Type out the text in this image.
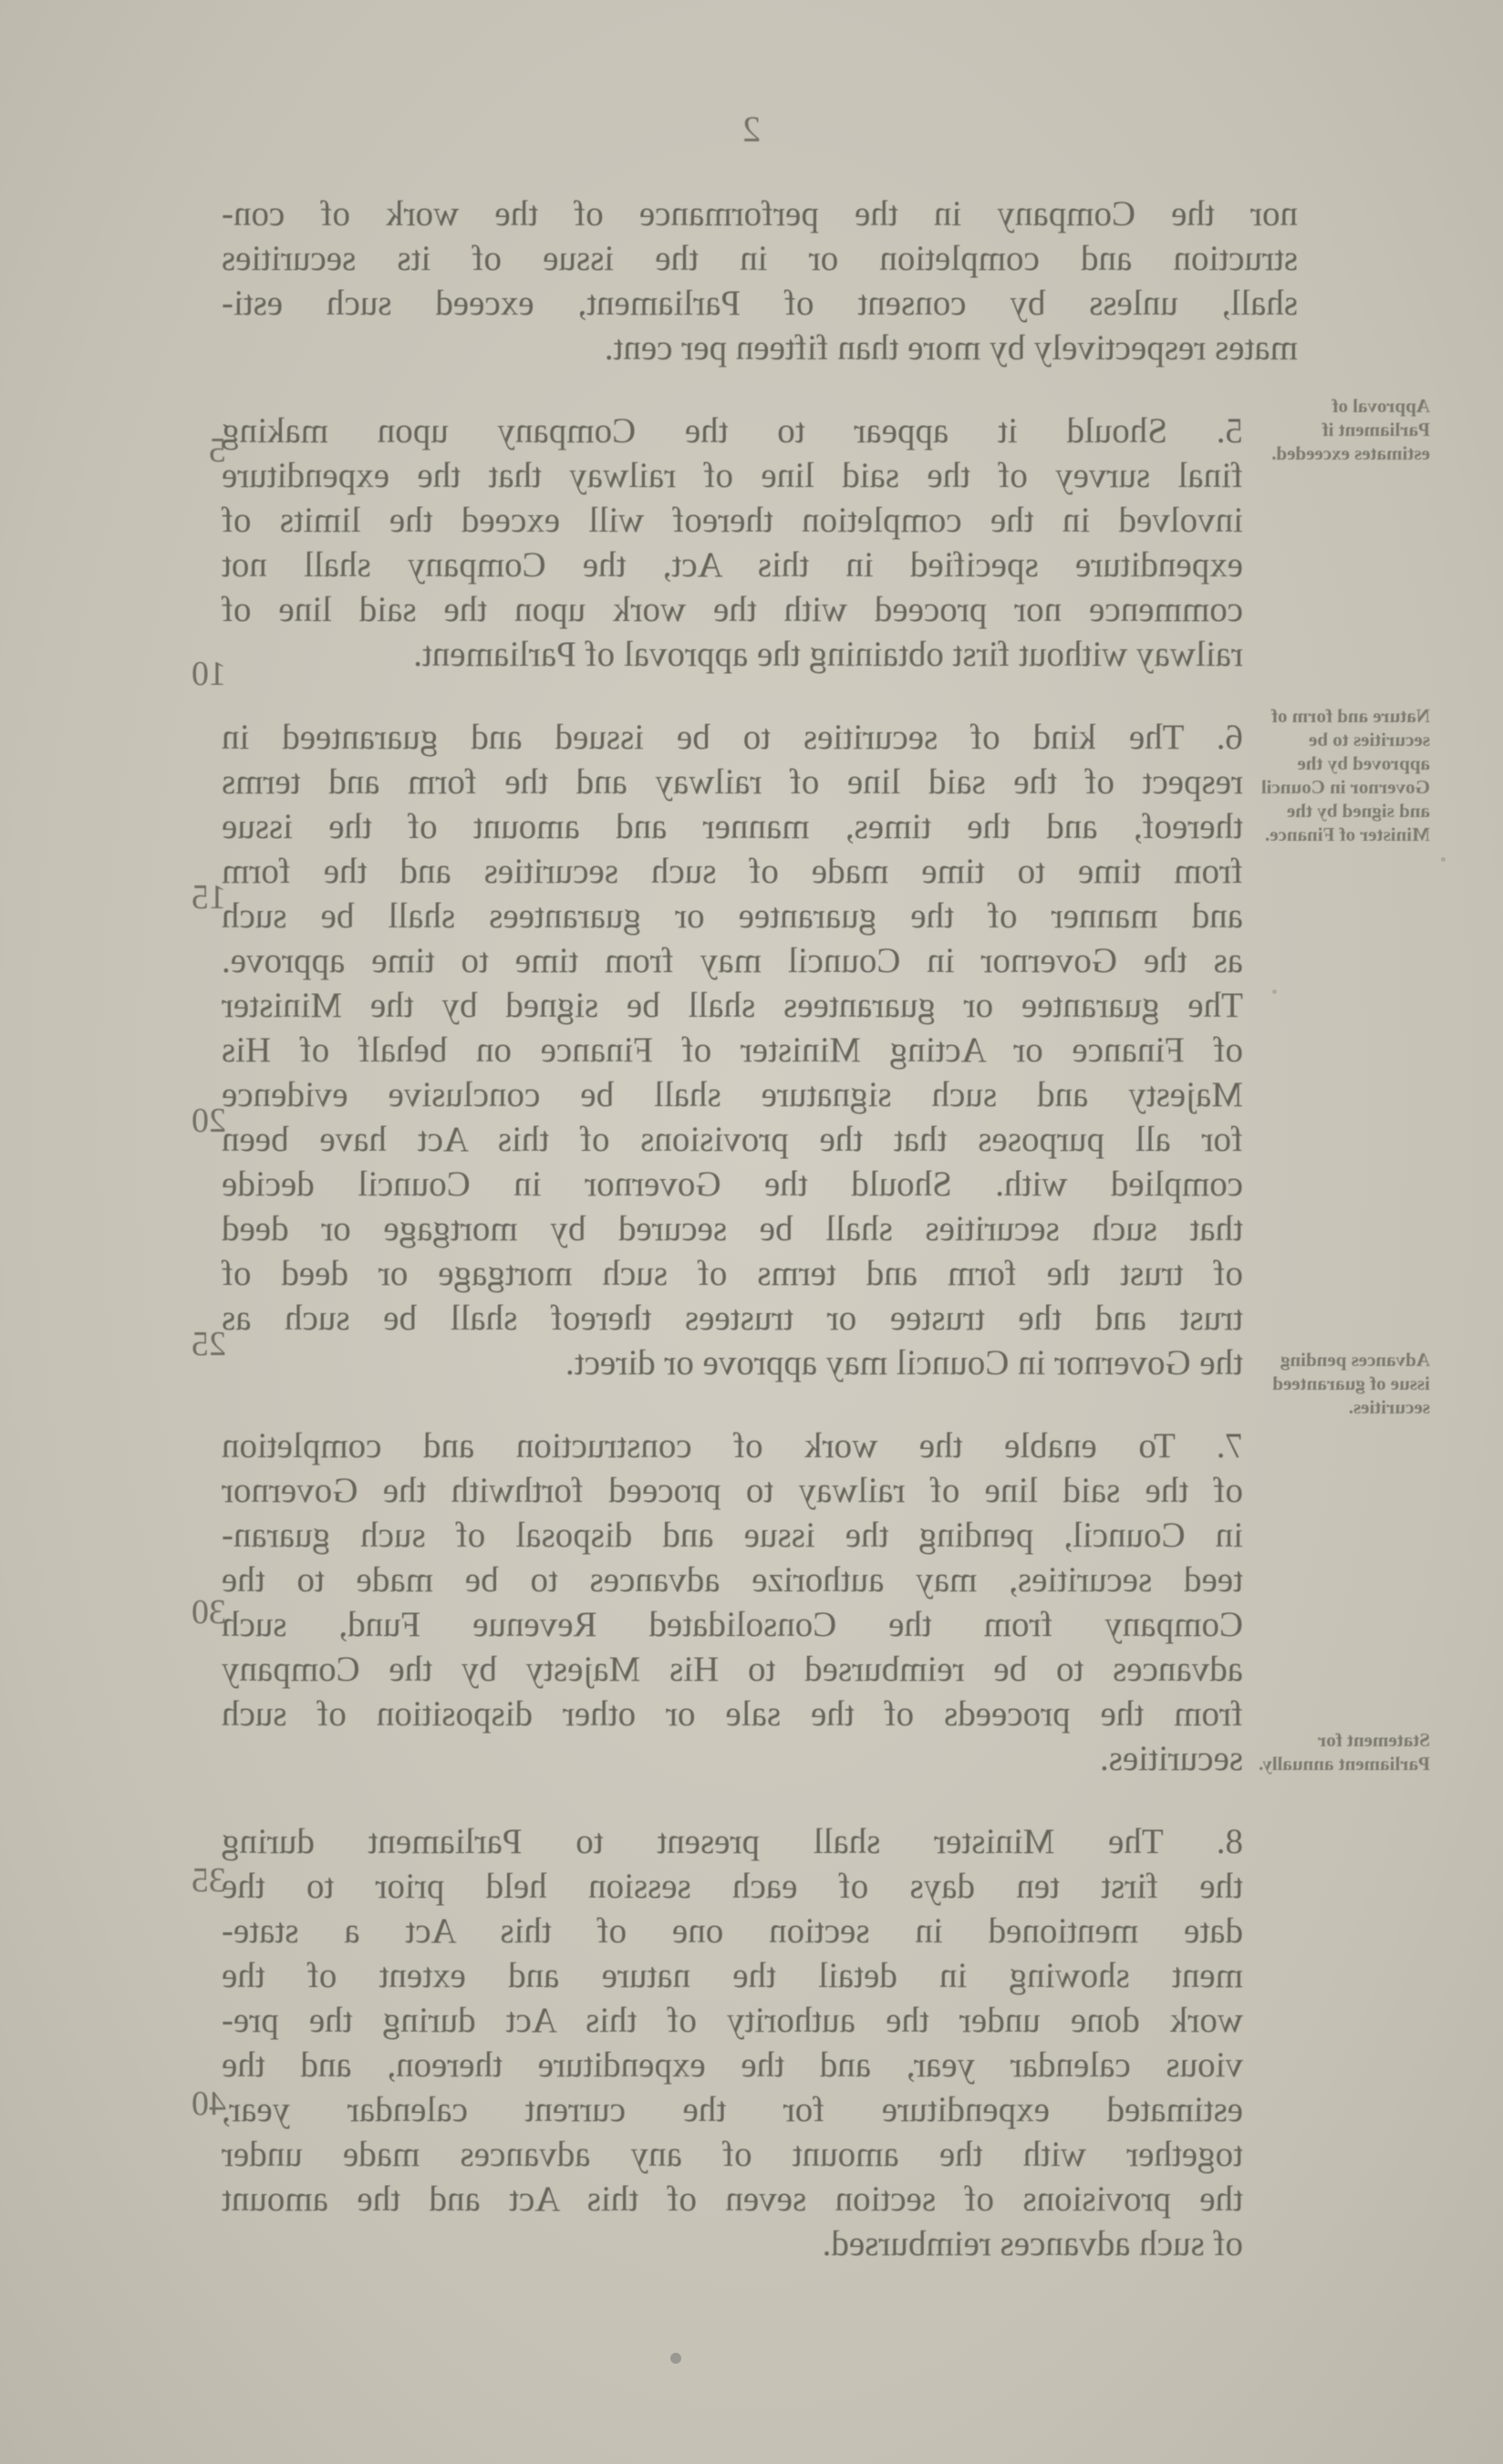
2

nor the Company in the performance of the work of con-
struction and completion or in the issue of its securities
shall, unless by consent of Parliament, exceed such esti-
mates respectively by more than fifteen per cent.

5. Should it appear to the Company upon making
final survey of the said line of railway that the expenditure
involved in the completion thereof will exceed the limits of
expenditure specified in this Act, the Company shall not
commence nor proceed with the work upon the said line of
railway without first obtaining the approval of Parliament.

6. The kind of securities to be issued and guaranteed in
respect of the said line of railway and the form and terms
thereof, and the times, manner and amount of the issue
from time to time made of such securities and the form
and manner of the guarantee or guarantees shall be such
as the Governor in Council may from time to time approve.
The guarantee or guarantees shall be signed by the Minister
of Finance or Acting Minister of Finance on behalf of His
Majesty and such signature shall be conclusive evidence
for all purposes that the provisions of this Act have been
complied with. Should the Governor in Council decide
that such securities shall be secured by mortgage or deed
of trust the form and terms of such mortgage or deed of
trust and the trustee or trustees thereof shall be such as
the Governor in Council may approve or direct.

7. To enable the work of construction and completion
of the said line of railway to proceed forthwith the Governor
in Council, pending the issue and disposal of such guaran-
teed securities, may authorize advances to be made to the
Company from the Consolidated Revenue Fund, such
advances to be reimbursed to His Majesty by the Company
from the proceeds of the sale or other disposition of such
securities.

8. The Minister shall present to Parliament during
the first ten days of each session held prior to the
date mentioned in section one of this Act a state-
ment showing in detail the nature and extent of the
work done under the authority of this Act during the pre-
vious calendar year, and the expenditure thereon, and the
estimated expenditure for the current calendar year,
together with the amount of any advances made under
the provisions of section seven of this Act and the amount
of such advances reimbursed.

5
10
15
20
25
30
35
40
Approval of Parliament if estimates exceeded.
Nature and form of securities to be approved by the Governor in Council and signed by the Minister of Finance.
Advances pending issue of guaranteed securities.
Statement for Parliament annually.
